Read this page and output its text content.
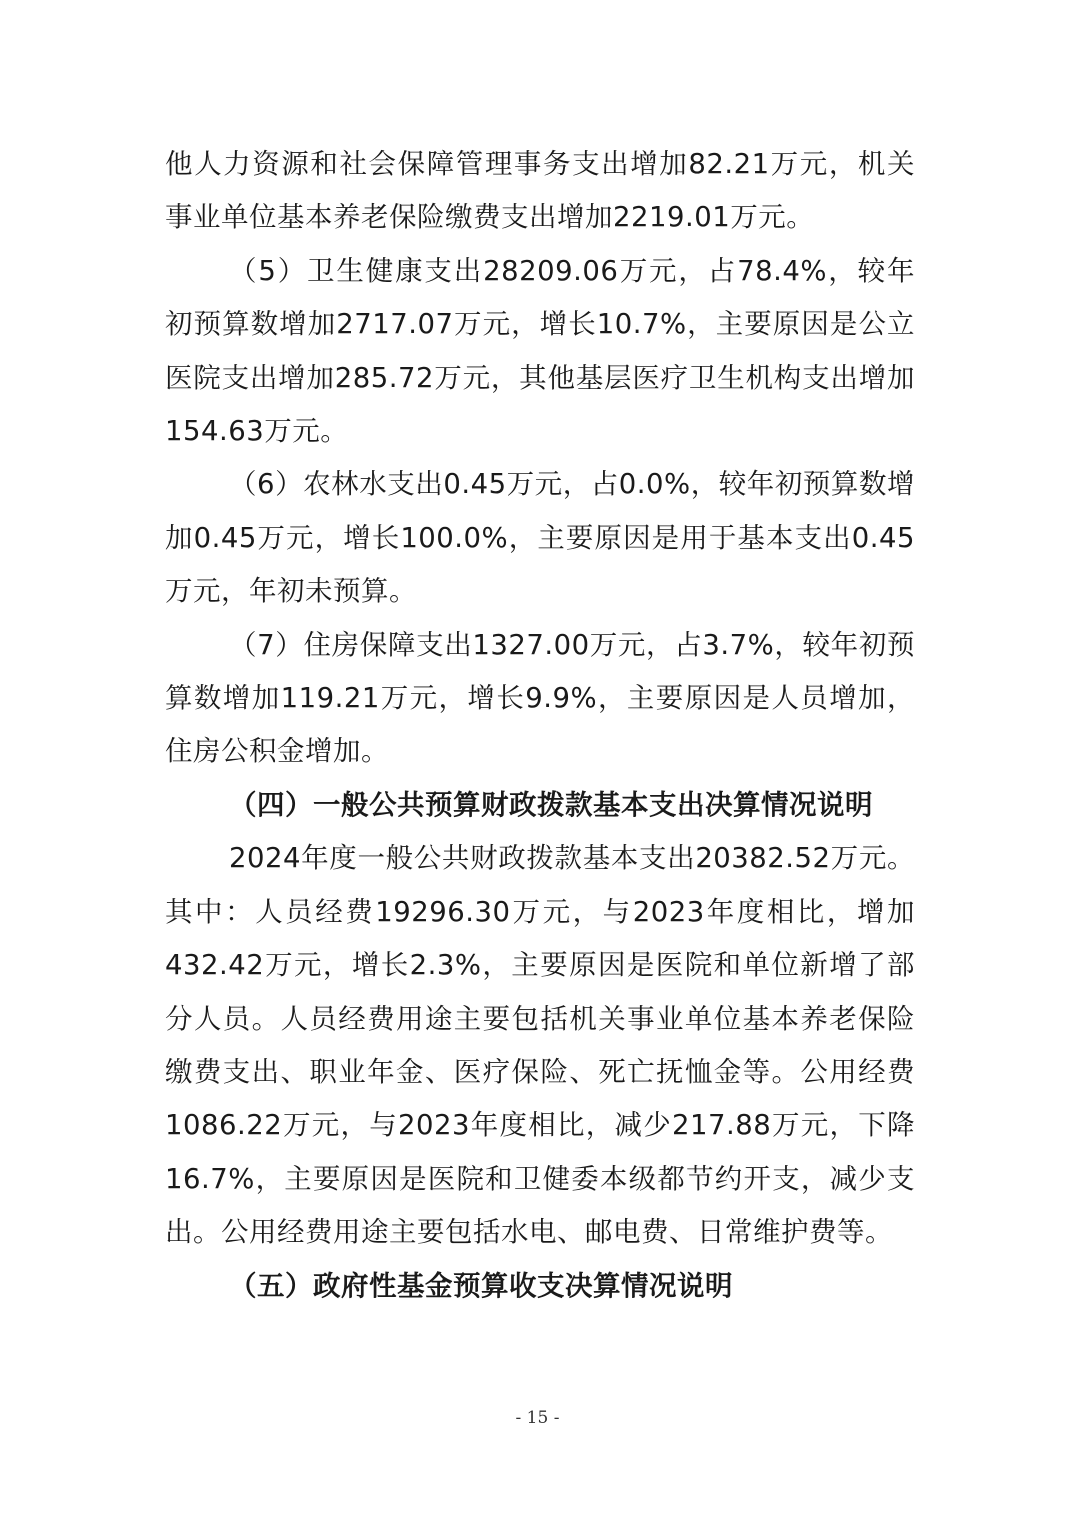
他人力资源和社会保障管理事务支出增加82.21万元，机关事业单位基本养老保险缴费支出增加2219.01万元。

（5）卫生健康支出28209.06万元，占78.4%，较年初预算数增加2717.07万元，增长10.7%，主要原因是公立医院支出增加285.72万元，其他基层医疗卫生机构支出增加154.63万元。

（6）农林水支出0.45万元，占0.0%，较年初预算数增加0.45万元，增长100.0%，主要原因是用于基本支出0.45万元，年初未预算。

（7）住房保障支出1327.00万元，占3.7%，较年初预算数增加119.21万元，增长9.9%，主要原因是人员增加，住房公积金增加。

（四）一般公共预算财政拨款基本支出决算情况说明

2024年度一般公共财政拨款基本支出20382.52万元。其中：人员经费19296.30万元，与2023年度相比，增加432.42万元，增长2.3%，主要原因是医院和单位新增了部分人员。人员经费用途主要包括机关事业单位基本养老保险缴费支出、职业年金、医疗保险、死亡抚恤金等。公用经费1086.22万元，与2023年度相比，减少217.88万元，下降16.7%，主要原因是医院和卫健委本级都节约开支，减少支出。公用经费用途主要包括水电、邮电费、日常维护费等。

（五）政府性基金预算收支决算情况说明

- 15 -
